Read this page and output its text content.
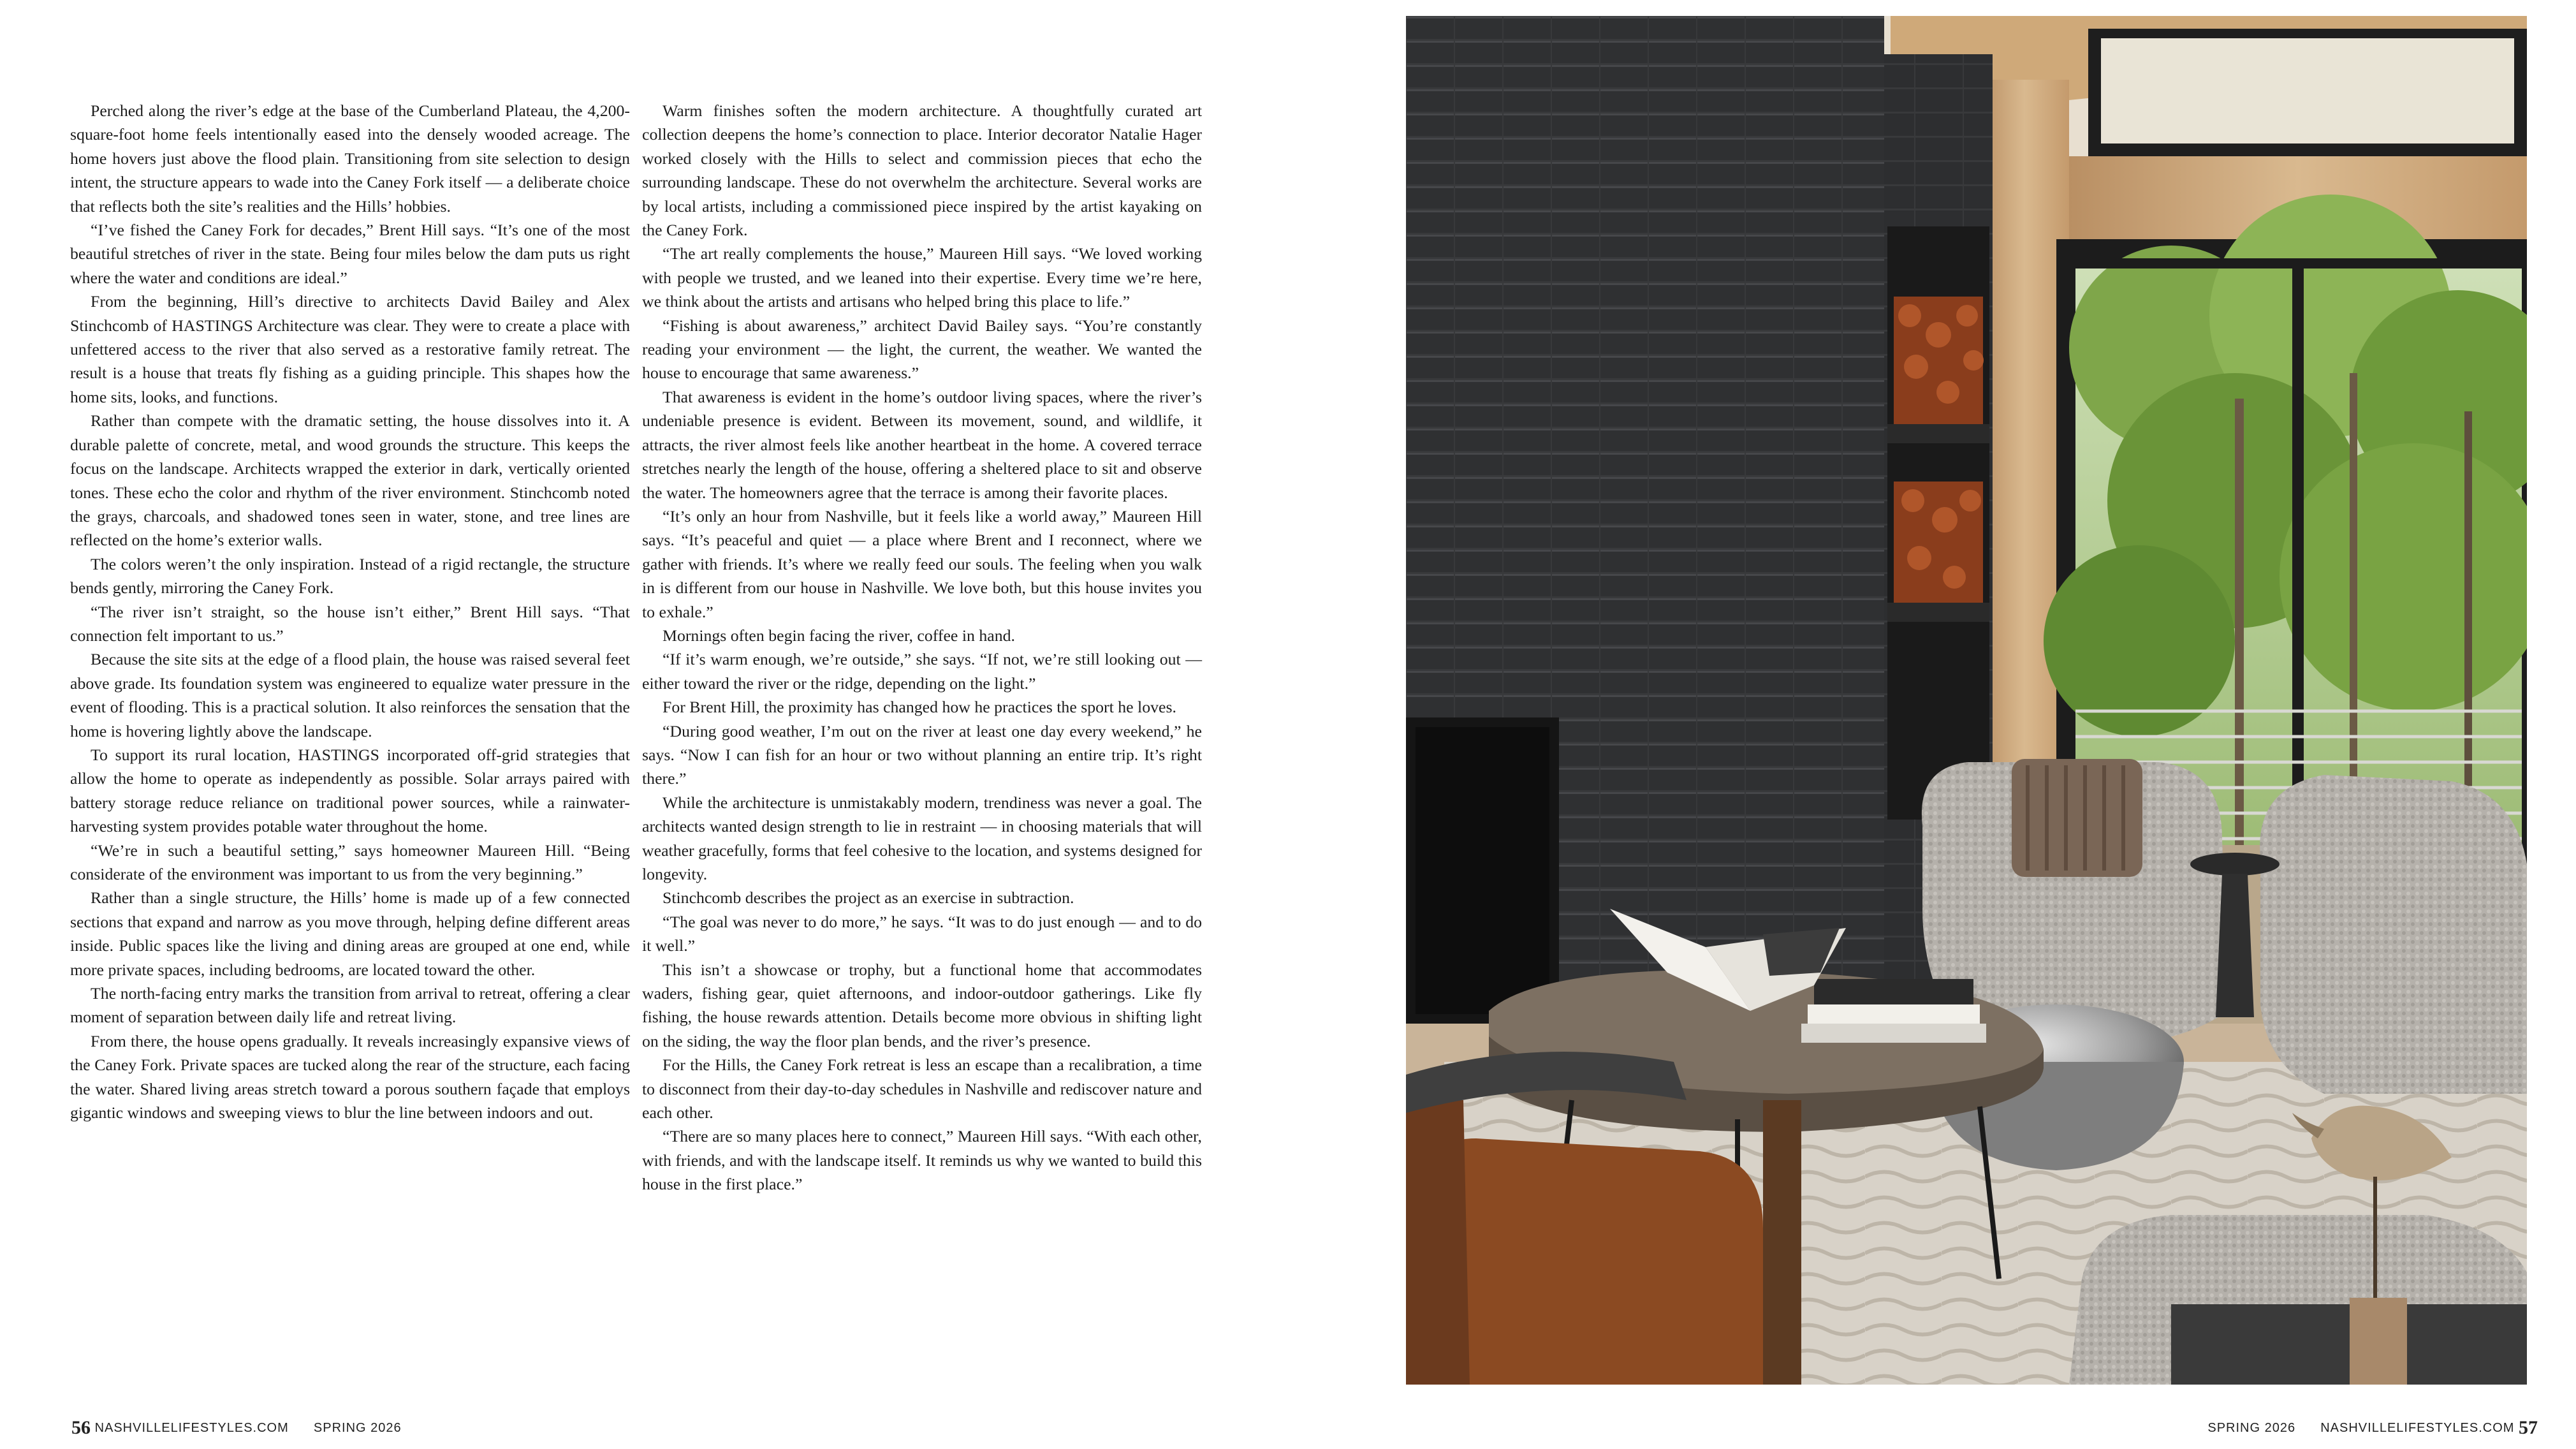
Perched along the river’s edge at the base of the Cumberland Plateau, the 4,200-square-foot home feels intentionally eased into the densely wooded acreage. The home hovers just above the flood plain. Transitioning from site selection to design intent, the structure appears to wade into the Caney Fork itself — a deliberate choice that reflects both the site’s realities and the Hills’ hobbies.

“I’ve fished the Caney Fork for decades,” Brent Hill says. “It’s one of the most beautiful stretches of river in the state. Being four miles below the dam puts us right where the water and conditions are ideal.”

From the beginning, Hill’s directive to architects David Bailey and Alex Stinchcomb of HASTINGS Architecture was clear. They were to create a place with unfettered access to the river that also served as a restorative family retreat. The result is a house that treats fly fishing as a guiding principle. This shapes how the home sits, looks, and functions.

Rather than compete with the dramatic setting, the house dissolves into it. A durable palette of concrete, metal, and wood grounds the structure. This keeps the focus on the landscape. Architects wrapped the exterior in dark, vertically oriented tones. These echo the color and rhythm of the river environment. Stinchcomb noted the grays, charcoals, and shadowed tones seen in water, stone, and tree lines are reflected on the home’s exterior walls.

The colors weren’t the only inspiration. Instead of a rigid rectangle, the structure bends gently, mirroring the Caney Fork.

“The river isn’t straight, so the house isn’t either,” Brent Hill says. “That connection felt important to us.”

Because the site sits at the edge of a flood plain, the house was raised several feet above grade. Its foundation system was engineered to equalize water pressure in the event of flooding. This is a practical solution. It also reinforces the sensation that the home is hovering lightly above the landscape.

To support its rural location, HASTINGS incorporated off-grid strategies that allow the home to operate as independently as possible. Solar arrays paired with battery storage reduce reliance on traditional power sources, while a rainwater-harvesting system provides potable water throughout the home.

“We’re in such a beautiful setting,” says homeowner Maureen Hill. “Being considerate of the environment was important to us from the very beginning.”

Rather than a single structure, the Hills’ home is made up of a few connected sections that expand and narrow as you move through, helping define different areas inside. Public spaces like the living and dining areas are grouped at one end, while more private spaces, including bedrooms, are located toward the other.

The north-facing entry marks the transition from arrival to retreat, offering a clear moment of separation between daily life and retreat living.

From there, the house opens gradually. It reveals increasingly expansive views of the Caney Fork. Private spaces are tucked along the rear of the structure, each facing the water. Shared living areas stretch toward a porous southern façade that employs gigantic windows and sweeping views to blur the line between indoors and out.

Warm finishes soften the modern architecture. A thoughtfully curated art collection deepens the home’s connection to place. Interior decorator Natalie Hager worked closely with the Hills to select and commission pieces that echo the surrounding landscape. These do not overwhelm the architecture. Several works are by local artists, including a commissioned piece inspired by the artist kayaking on the Caney Fork.

“The art really complements the house,” Maureen Hill says. “We loved working with people we trusted, and we leaned into their expertise. Every time we’re here, we think about the artists and artisans who helped bring this place to life.”

“Fishing is about awareness,” architect David Bailey says. “You’re constantly reading your environment — the light, the current, the weather. We wanted the house to encourage that same awareness.”

That awareness is evident in the home’s outdoor living spaces, where the river’s undeniable presence is evident. Between its movement, sound, and wildlife, it attracts, the river almost feels like another heartbeat in the home. A covered terrace stretches nearly the length of the house, offering a sheltered place to sit and observe the water. The homeowners agree that the terrace is among their favorite places.

“It’s only an hour from Nashville, but it feels like a world away,” Maureen Hill says. “It’s peaceful and quiet — a place where Brent and I reconnect, where we gather with friends. It’s where we really feed our souls. The feeling when you walk in is different from our house in Nashville. We love both, but this house invites you to exhale.”

Mornings often begin facing the river, coffee in hand.

“If it’s warm enough, we’re outside,” she says. “If not, we’re still looking out — either toward the river or the ridge, depending on the light.”

For Brent Hill, the proximity has changed how he practices the sport he loves.

“During good weather, I’m out on the river at least one day every weekend,” he says. “Now I can fish for an hour or two without planning an entire trip. It’s right there.”

While the architecture is unmistakably modern, trendiness was never a goal. The architects wanted design strength to lie in restraint — in choosing materials that will weather gracefully, forms that feel cohesive to the location, and systems designed for longevity.

Stinchcomb describes the project as an exercise in subtraction.

“The goal was never to do more,” he says. “It was to do just enough — and to do it well.”

This isn’t a showcase or trophy, but a functional home that accommodates waders, fishing gear, quiet afternoons, and indoor-outdoor gatherings. Like fly fishing, the house rewards attention. Details become more obvious in shifting light on the siding, the way the floor plan bends, and the river’s presence.

For the Hills, the Caney Fork retreat is less an escape than a recalibration, a time to disconnect from their day-to-day schedules in Nashville and rediscover nature and each other.

“There are so many places here to connect,” Maureen Hill says. “With each other, with friends, and with the landscape itself. It reminds us why we wanted to build this house in the first place.”

56 NASHVILLELIFESTYLES.COM SPRING 2026	SPRING 2026 NASHVILLELIFESTYLES.COM 57
